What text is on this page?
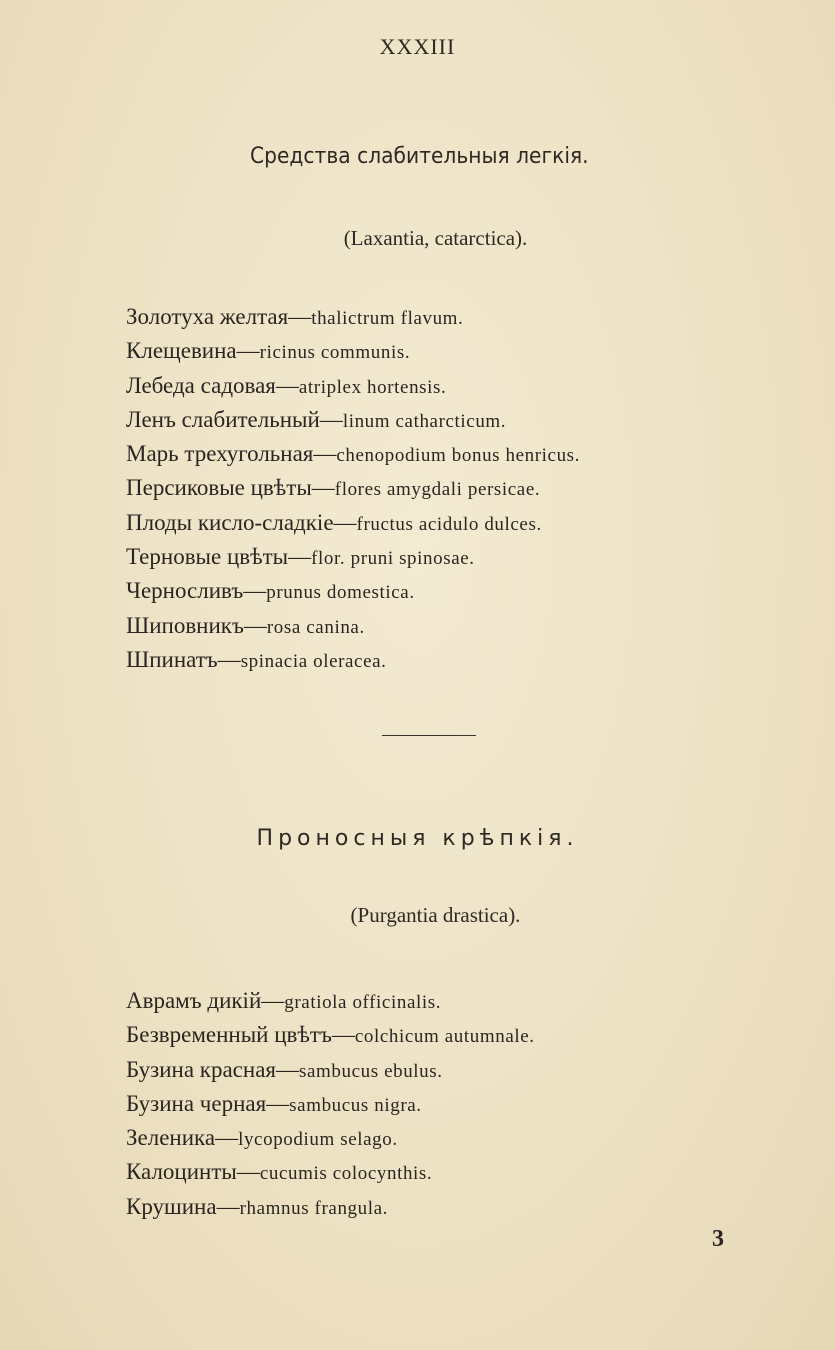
XXXIII
Средства слабительныя легкія.
(Laxantia, catarctica).
Золотуха желтая—thalictrum flavum.
Клещевина—ricinus communis.
Лебеда садовая—atriplex hortensis.
Ленъ слабительный—linum catharcticum.
Марь трехугольная—chenopodium bonus henricus.
Персиковые цвѣты—flores amygdali persicae.
Плоды кисло-сладкіе—fructus acidulo dulces.
Терновые цвѣты—flor. pruni spinosae.
Черносливъ—prunus domestica.
Шиповникъ—rosa canina.
Шпинатъ—spinacia oleracea.
Проносныя крѣпкія.
(Purgantia drastica).
Аврамъ дикій—gratiola officinalis.
Безвременный цвѣтъ—colchicum autumnale.
Бузина красная—sambucus ebulus.
Бузина черная—sambucus nigra.
Зеленика—lycopodium selago.
Калоцинты—cucumis colocynthis.
Крушина—rhamnus frangula.
3
